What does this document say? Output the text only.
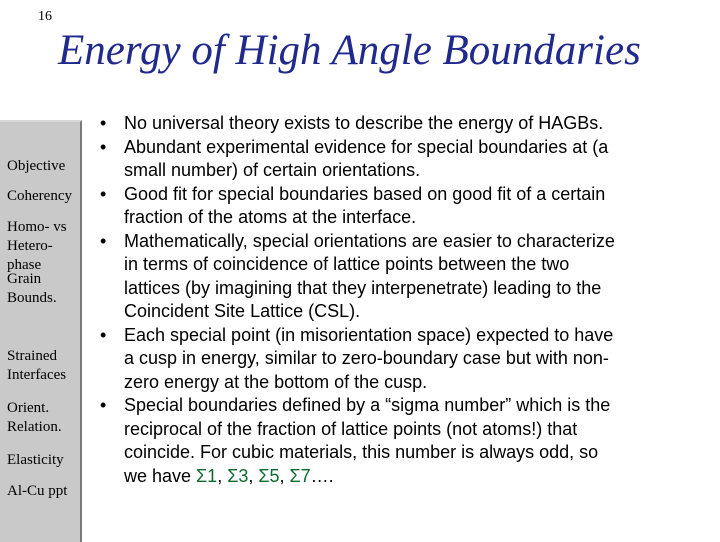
16
Energy of High Angle Boundaries
Objective
Coherency
Homo- vs
Hetero-
phase
Grain
Bounds.
Strained
Interfaces
Orient.
Relation.
Elasticity
Al-Cu ppt
• No universal theory exists to describe the energy of HAGBs.
• Abundant experimental evidence for special boundaries at (a
small number) of certain orientations.
• Good fit for special boundaries based on good fit of a certain
fraction of the atoms at the interface.
• Mathematically, special orientations are easier to characterize
in terms of coincidence of lattice points between the two
lattices (by imagining that they interpenetrate) leading to the
Coincident Site Lattice (CSL).
• Each special point (in misorientation space) expected to have
a cusp in energy, similar to zero-boundary case but with non-
zero energy at the bottom of the cusp.
• Special boundaries defined by a “sigma number” which is the
reciprocal of the fraction of lattice points (not atoms!) that
coincide. For cubic materials, this number is always odd, so
we have Σ1, Σ3, Σ5, Σ7….
